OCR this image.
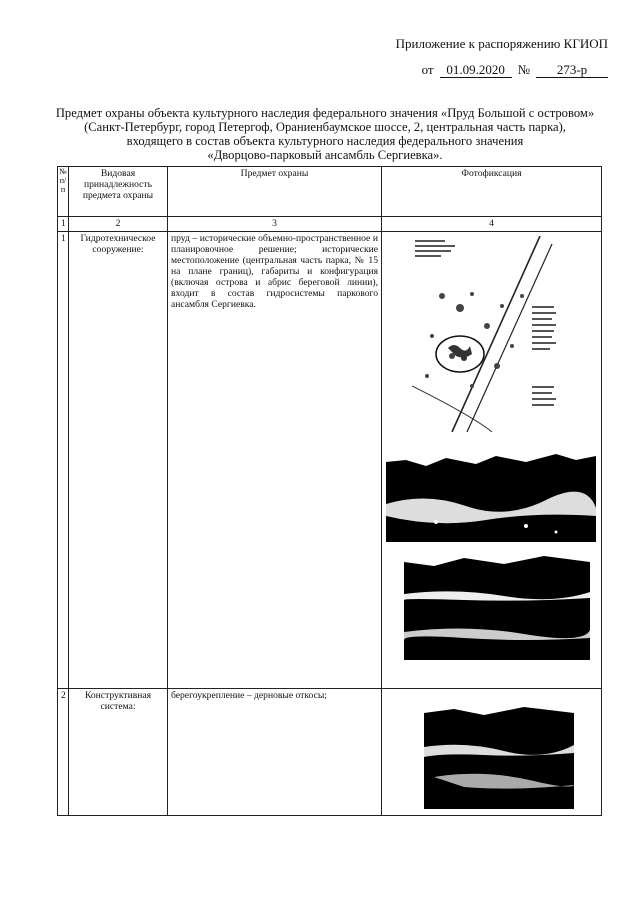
Приложение к распоряжению КГИОП
от 01.09.2020 №	273-р
Предмет охраны объекта культурного наследия федерального значения «Пруд Большой с островом»
(Санкт-Петербург, город Петергоф, Ораниенбаумское шоссе, 2, центральная часть парка),
входящего в состав объекта культурного наследия федерального значения
«Дворцово-парковый ансамбль Сергиевка».
№ п/п	Видовая принадлежность предмета охраны	Предмет охраны	Фотофиксация
1	2	3	4
1	Гидротехническое сооружение:	пруд – исторические объемно-пространственное и планировочное решение; исторические местоположение (центральная часть парка, № 15 на плане границ), габариты и конфигурация (включая острова и абрис береговой линии), входит в состав гидросистемы паркового ансамбля Сергиевка.	

2	Конструктивная система:	берегоукрепление – дерновые откосы;	
